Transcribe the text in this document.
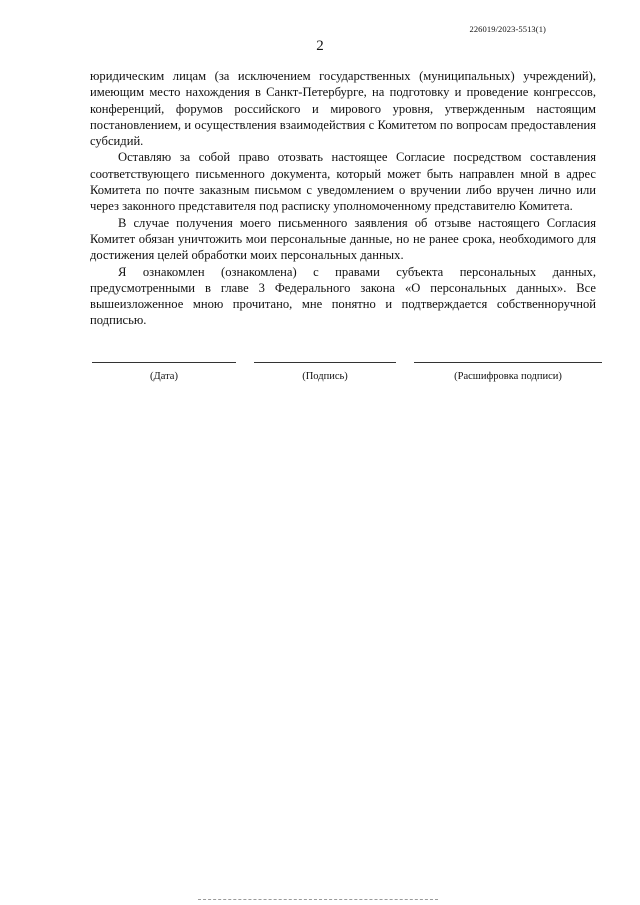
226019/2023-5513(1)
2

юридическим лицам (за исключением государственных (муниципальных) учреждений), имеющим место нахождения в Санкт-Петербурге, на подготовку и проведение конгрессов, конференций, форумов российского и мирового уровня, утвержденным настоящим постановлением, и осуществления взаимодействия с Комитетом по вопросам предоставления субсидий.

Оставляю за собой право отозвать настоящее Согласие посредством составления соответствующего письменного документа, который может быть направлен мной в адрес Комитета по почте заказным письмом с уведомлением о вручении либо вручен лично или через законного представителя под расписку уполномоченному представителю Комитета.

В случае получения моего письменного заявления об отзыве настоящего Согласия Комитет обязан уничтожить мои персональные данные, но не ранее срока, необходимого для достижения целей обработки моих персональных данных.

Я ознакомлен (ознакомлена) с правами субъекта персональных данных, предусмотренными в главе 3 Федерального закона «О персональных данных». Все вышеизложенное мною прочитано, мне понятно и подтверждается собственноручной подписью.

(Дата)	(Подпись)	(Расшифровка подписи)
